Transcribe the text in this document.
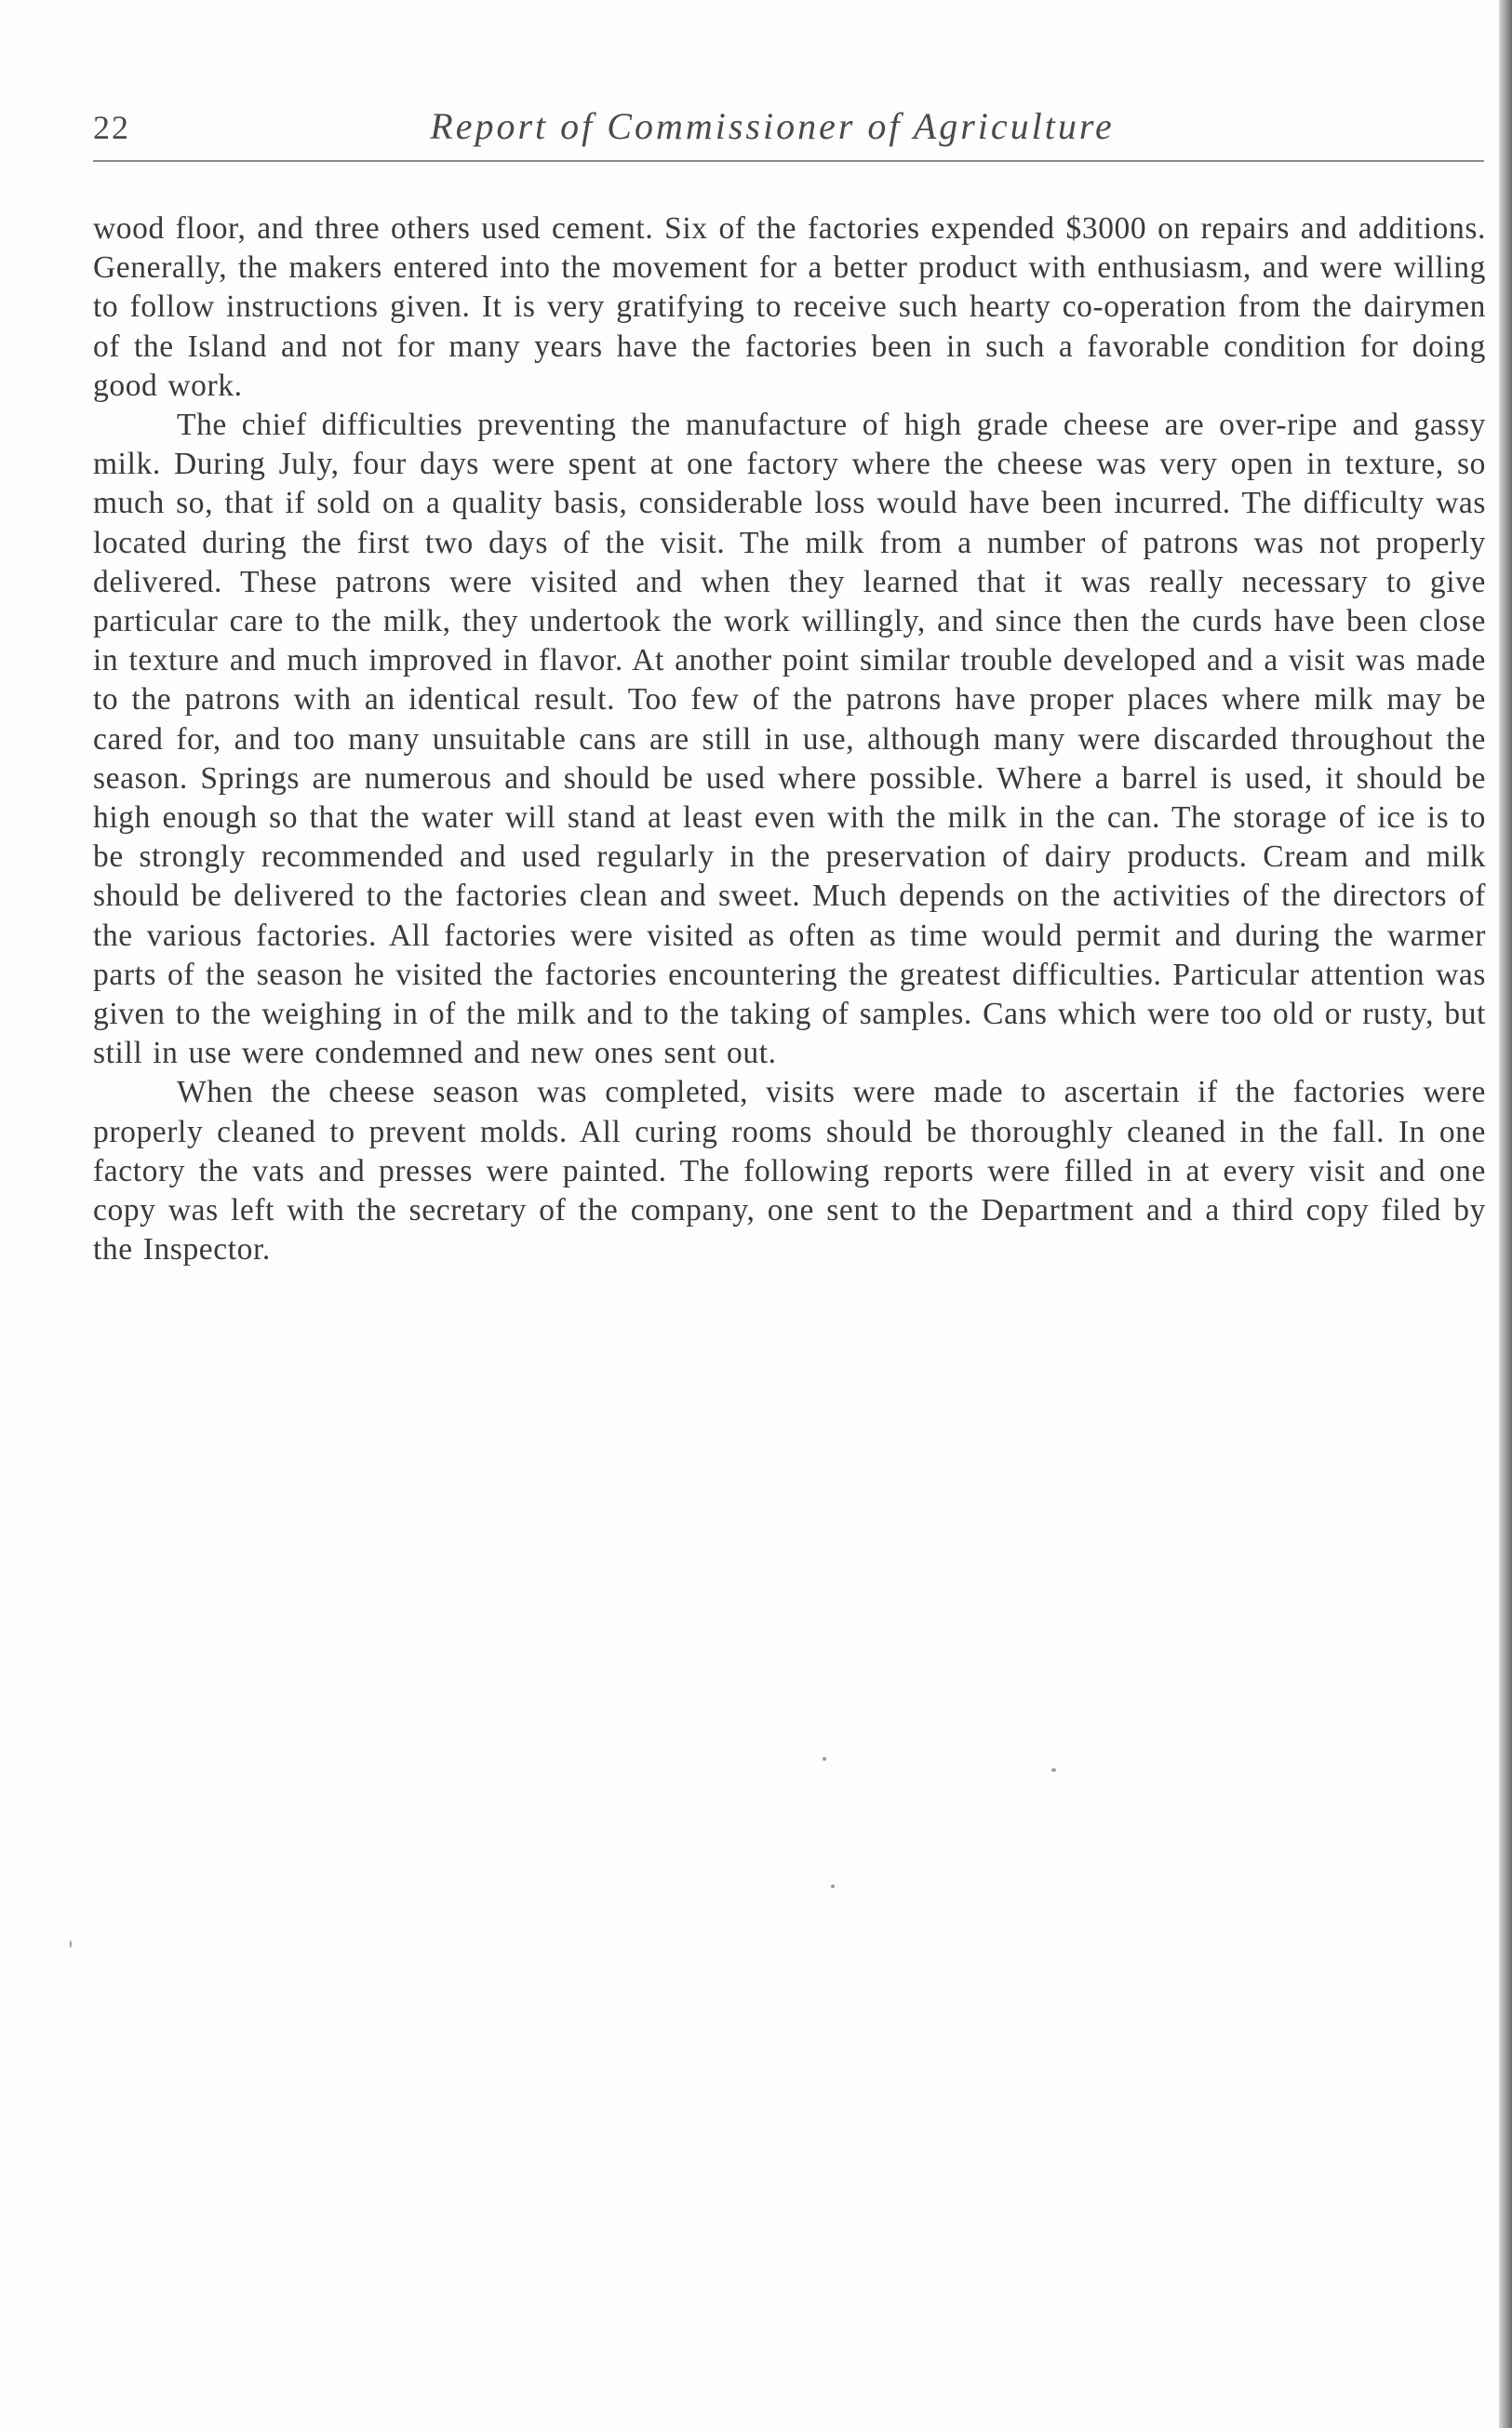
22	Report of Commissioner of Agriculture

wood floor, and three others used cement. Six of the factories expended $3000 on repairs and additions. Generally, the makers entered into the movement for a better product with enthusiasm, and were willing to follow instructions given. It is very gratifying to receive such hearty co-operation from the dairymen of the Island and not for many years have the factories been in such a favorable condition for doing good work.

The chief difficulties preventing the manufacture of high grade cheese are over-ripe and gassy milk. During July, four days were spent at one factory where the cheese was very open in texture, so much so, that if sold on a quality basis, considerable loss would have been incurred. The difficulty was located during the first two days of the visit. The milk from a number of patrons was not properly delivered. These patrons were visited and when they learned that it was really necessary to give particular care to the milk, they undertook the work willingly, and since then the curds have been close in texture and much improved in flavor. At another point similar trouble developed and a visit was made to the patrons with an identical result. Too few of the patrons have proper places where milk may be cared for, and too many unsuitable cans are still in use, although many were discarded throughout the season. Springs are numerous and should be used where possible. Where a barrel is used, it should be high enough so that the water will stand at least even with the milk in the can. The storage of ice is to be strongly recommended and used regularly in the preservation of dairy products. Cream and milk should be delivered to the factories clean and sweet. Much depends on the activities of the directors of the various factories. All factories were visited as often as time would permit and during the warmer parts of the season he visited the factories encountering the greatest difficulties. Particular attention was given to the weighing in of the milk and to the taking of samples. Cans which were too old or rusty, but still in use were condemned and new ones sent out.

When the cheese season was completed, visits were made to ascertain if the factories were properly cleaned to prevent molds. All curing rooms should be thoroughly cleaned in the fall. In one factory the vats and presses were painted. The following reports were filled in at every visit and one copy was left with the secretary of the company, one sent to the Department and a third copy filed by the Inspector.
